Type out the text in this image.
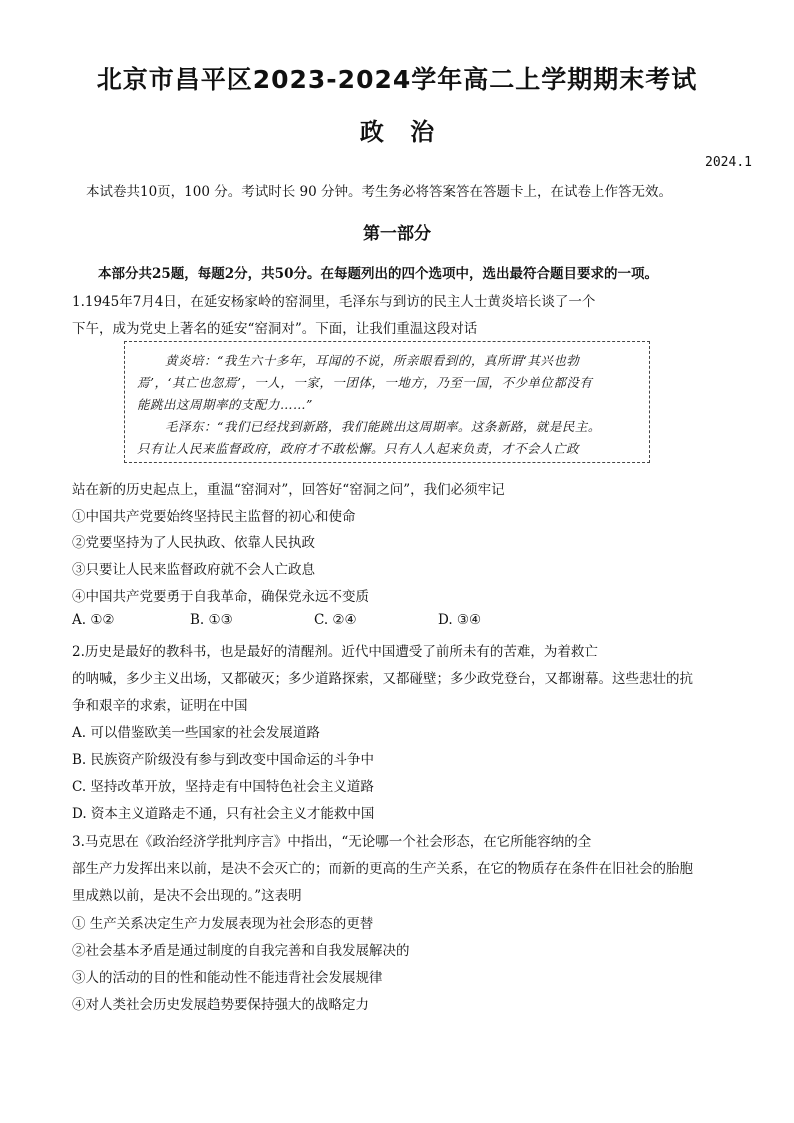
北京市昌平区2023-2024学年高二上学期期末考试
政 治
2024.1
本试卷共10页，100 分。考试时长 90 分钟。考生务必将答案答在答题卡上，在试卷上作答无效。
第一部分
本部分共25题，每题2分，共50分。在每题列出的四个选项中，选出最符合题目要求的一项。
1.1945年7月4日，在延安杨家岭的窑洞里，毛泽东与到访的民主人士黄炎培长谈了一个
下午，成为党史上著名的延安“窑洞对”。下面，让我们重温这段对话
黄炎培：“我生六十多年，耳闻的不说，所亲眼看到的，真所谓‘其兴也勃
焉’，‘其亡也忽焉’，一人，一家，一团体，一地方，乃至一国，不少单位都没有
能跳出这周期率的支配力……”
毛泽东：“我们已经找到新路，我们能跳出这周期率。这条新路，就是民主。
只有让人民来监督政府，政府才不敢松懈。只有人人起来负责，才不会人亡政
站在新的历史起点上，重温“窑洞对”，回答好“窑洞之问”，我们必须牢记
①中国共产党要始终坚持民主监督的初心和使命
②党要坚持为了人民执政、依靠人民执政
③只要让人民来监督政府就不会人亡政息
④中国共产党要勇于自我革命，确保党永远不变质
A. ①②	B. ①③	C. ②④	D. ③④
2.历史是最好的教科书，也是最好的清醒剂。近代中国遭受了前所未有的苦难，为着救亡
的呐喊，多少主义出场，又都破灭；多少道路探索，又都碰壁；多少政党登台，又都谢幕。这些悲壮的抗
争和艰辛的求索，证明在中国
A. 可以借鉴欧美一些国家的社会发展道路
B. 民族资产阶级没有参与到改变中国命运的斗争中
C. 坚持改革开放，坚持走有中国特色社会主义道路
D. 资本主义道路走不通，只有社会主义才能救中国
3.马克思在《政治经济学批判序言》中指出，“无论哪一个社会形态，在它所能容纳的全
部生产力发挥出来以前，是决不会灭亡的；而新的更高的生产关系，在它的物质存在条件在旧社会的胎胞
里成熟以前，是决不会出现的。”这表明
① 生产关系决定生产力发展表现为社会形态的更替
②社会基本矛盾是通过制度的自我完善和自我发展解决的
③人的活动的目的性和能动性不能违背社会发展规律
④对人类社会历史发展趋势要保持强大的战略定力
